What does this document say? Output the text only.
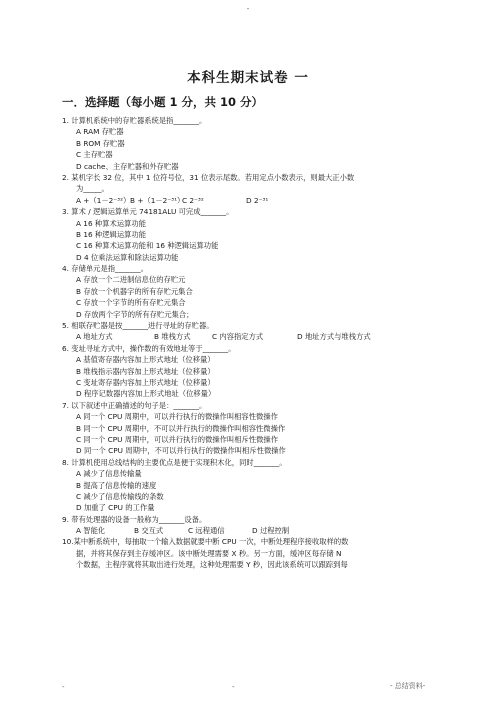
-
本科生期末试卷 一
一．选择题（每小题 1 分，共 10 分）
1. 计算机系统中的存贮器系统是指_______。
A RAM 存贮器
B ROM 存贮器
C 主存贮器
D cache、主存贮器和外存贮器
2. 某机字长 32 位，其中 1 位符号位，31 位表示尾数。若用定点小数表示，则最大正小数
为_____。
A +（1－2⁻³²） B +（1－2⁻³¹）
C 2⁻³²	D 2⁻³¹
3. 算术 / 逻辑运算单元 74181ALU 可完成_______。
A 16 种算术运算功能
B 16 种逻辑运算功能
C 16 种算术运算功能和 16 种逻辑运算功能
D 4 位乘法运算和除法运算功能
4. 存储单元是指_______。
A 存放一个二进制信息位的存贮元
B 存放一个机器字的所有存贮元集合
C 存放一个字节的所有存贮元集合
D 存放两个字节的所有存贮元集合；
5. 相联存贮器是按_______进行寻址的存贮器。
A 地址方式	B 堆栈方式	C 内容指定方式	D 地址方式与堆栈方式
6. 变址寻址方式中，操作数的有效地址等于_______。
A 基值寄存器内容加上形式地址（位移量）
B 堆栈指示器内容加上形式地址（位移量）
C 变址寄存器内容加上形式地址（位移量）
D 程序记数器内容加上形式地址（位移量）
7. 以下叙述中正确描述的句子是：_______。
A 同一个 CPU 周期中，可以并行执行的微操作叫相容性微操作
B 同一个 CPU 周期中，不可以并行执行的微操作叫相容性微操作
C 同一个 CPU 周期中，可以并行执行的微操作叫相斥性微操作
D 同一个 CPU 周期中，不可以并行执行的微操作叫相斥性微操作
8. 计算机使用总线结构的主要优点是便于实现积木化，同时_______。
A 减少了信息传输量
B 提高了信息传输的速度
C 减少了信息传输线的条数
D 加重了 CPU 的工作量
9. 带有处理器的设备一般称为_______设备。
A 智能化	B 交互式	C 远程通信	D 过程控制
10.某中断系统中，每抽取一个输入数据就要中断 CPU 一次，中断处理程序接收取样的数
据，并将其保存到主存缓冲区。该中断处理需要 X 秒。另一方面，缓冲区每存储 N
个数据，主程序就将其取出进行处理，这种处理需要 Y 秒，因此该系统可以跟踪到每
-	-	- 总结资料-
